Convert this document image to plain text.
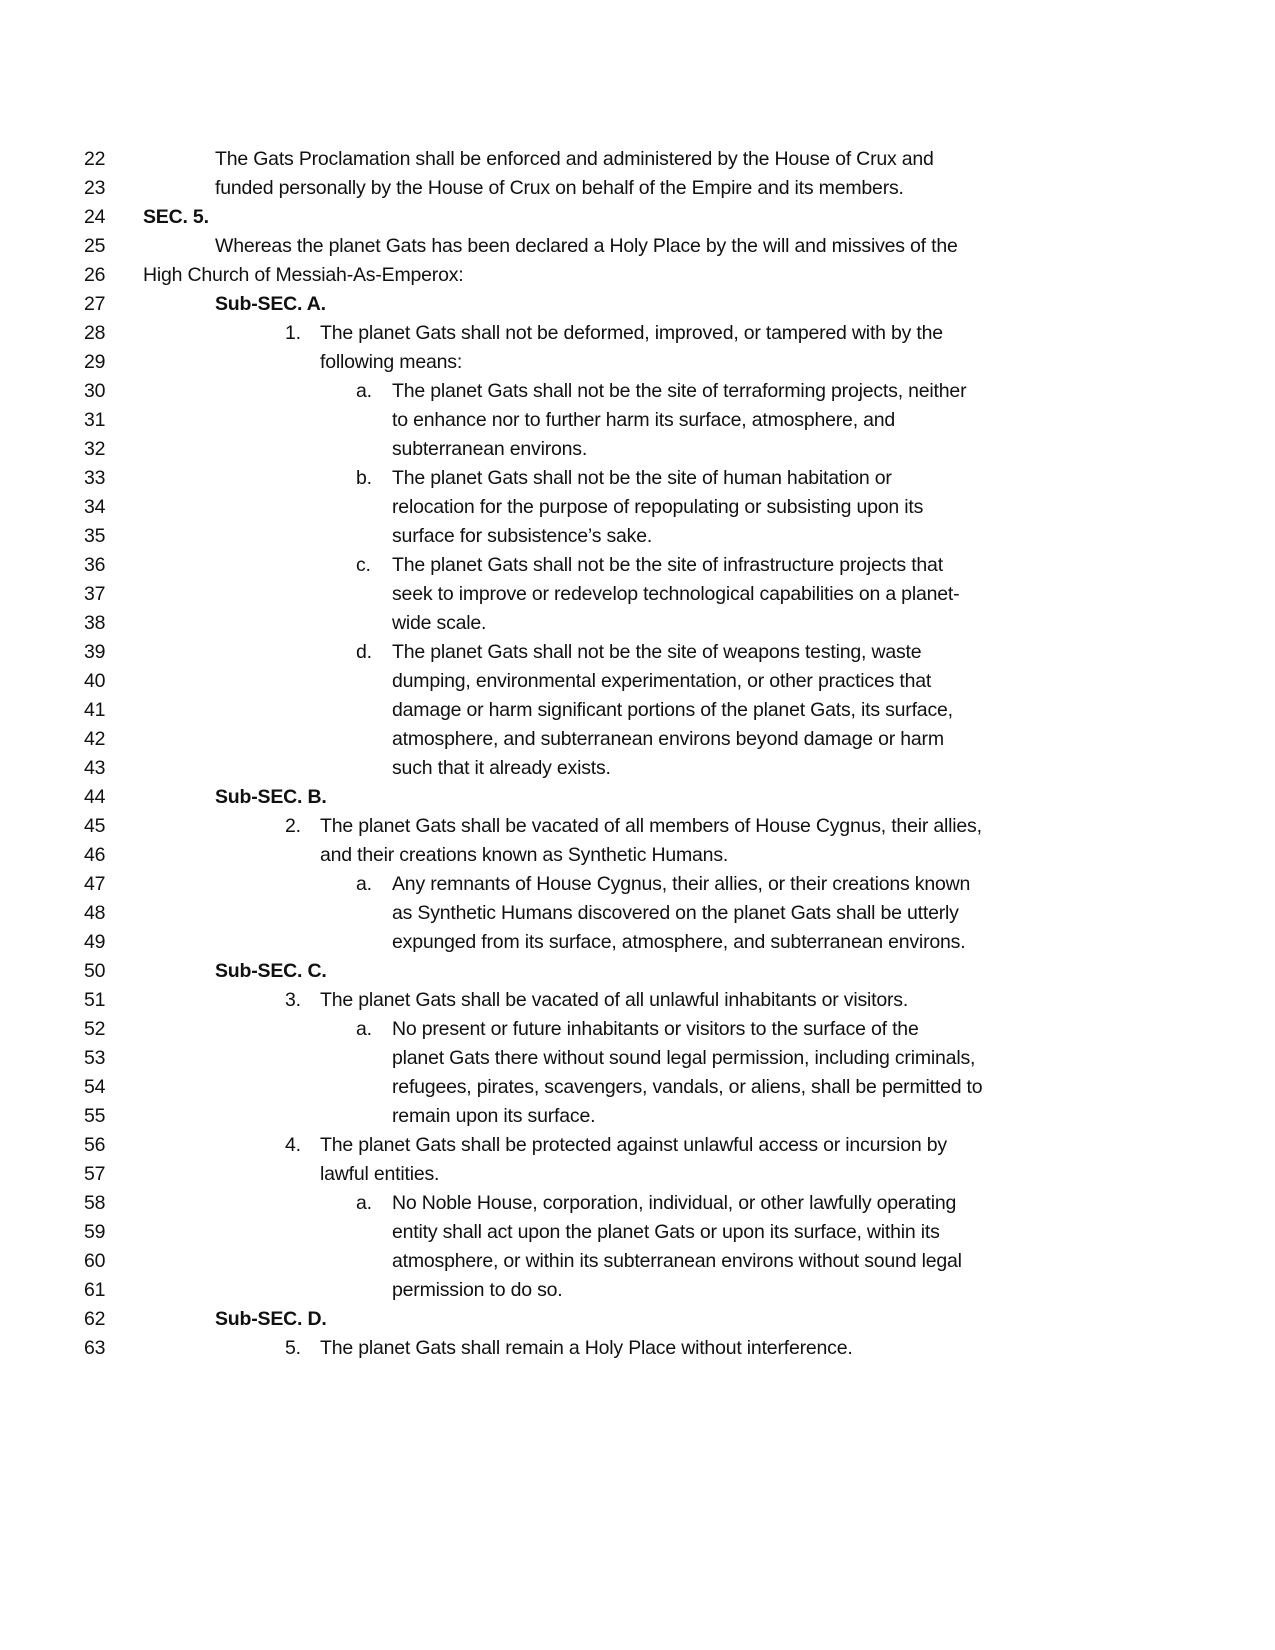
22	The Gats Proclamation shall be enforced and administered by the House of Crux and
23	funded personally by the House of Crux on behalf of the Empire and its members.
24	SEC. 5.
25	Whereas the planet Gats has been declared a Holy Place by the will and missives of the
26	High Church of Messiah-As-Emperox:
27	Sub-SEC. A.
28	1. The planet Gats shall not be deformed, improved, or tampered with by the
29	following means:
30	a. The planet Gats shall not be the site of terraforming projects, neither
31	to enhance nor to further harm its surface, atmosphere, and
32	subterranean environs.
33	b. The planet Gats shall not be the site of human habitation or
34	relocation for the purpose of repopulating or subsisting upon its
35	surface for subsistence’s sake.
36	c. The planet Gats shall not be the site of infrastructure projects that
37	seek to improve or redevelop technological capabilities on a planet-
38	wide scale.
39	d. The planet Gats shall not be the site of weapons testing, waste
40	dumping, environmental experimentation, or other practices that
41	damage or harm significant portions of the planet Gats, its surface,
42	atmosphere, and subterranean environs beyond damage or harm
43	such that it already exists.
44	Sub-SEC. B.
45	2. The planet Gats shall be vacated of all members of House Cygnus, their allies,
46	and their creations known as Synthetic Humans.
47	a. Any remnants of House Cygnus, their allies, or their creations known
48	as Synthetic Humans discovered on the planet Gats shall be utterly
49	expunged from its surface, atmosphere, and subterranean environs.
50	Sub-SEC. C.
51	3. The planet Gats shall be vacated of all unlawful inhabitants or visitors.
52	a. No present or future inhabitants or visitors to the surface of the
53	planet Gats there without sound legal permission, including criminals,
54	refugees, pirates, scavengers, vandals, or aliens, shall be permitted to
55	remain upon its surface.
56	4. The planet Gats shall be protected against unlawful access or incursion by
57	lawful entities.
58	a. No Noble House, corporation, individual, or other lawfully operating
59	entity shall act upon the planet Gats or upon its surface, within its
60	atmosphere, or within its subterranean environs without sound legal
61	permission to do so.
62	Sub-SEC. D.
63	5. The planet Gats shall remain a Holy Place without interference.
